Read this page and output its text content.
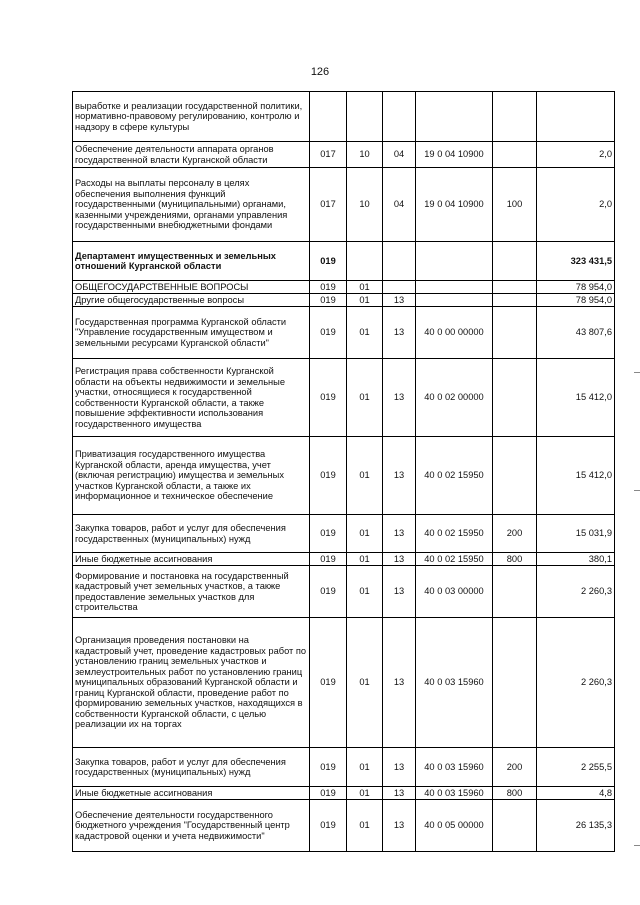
126
выработке и реализации государственной политики, нормативно-правовому регулированию, контролю и надзору в сфере культуры						
Обеспечение деятельности аппарата органов государственной власти Курганской области	017	10	04	19 0 04 10900		2,0
Расходы на выплаты персоналу в целях обеспечения выполнения функций государственными (муниципальными) органами, казенными учреждениями, органами управления государственными внебюджетными фондами	017	10	04	19 0 04 10900	100	2,0
Департамент имущественных и земельных отношений Курганской области	019					323 431,5
ОБЩЕГОСУДАРСТВЕННЫЕ ВОПРОСЫ	019	01				78 954,0
Другие общегосударственные вопросы	019	01	13			78 954,0
Государственная программа Курганской области "Управление государственным имуществом и земельными ресурсами Курганской области"	019	01	13	40 0 00 00000		43 807,6
Регистрация права собственности Курганской области на объекты недвижимости и земельные участки, относящиеся к государственной собственности Курганской области, а также повышение эффективности использования государственного имущества	019	01	13	40 0 02 00000		15 412,0
Приватизация государственного имущества Курганской области, аренда имущества, учет (включая регистрацию) имущества и земельных участков Курганской области, а также их информационное и техническое обеспечение	019	01	13	40 0 02 15950		15 412,0
Закупка товаров, работ и услуг для обеспечения государственных (муниципальных) нужд	019	01	13	40 0 02 15950	200	15 031,9
Иные бюджетные ассигнования	019	01	13	40 0 02 15950	800	380,1
Формирование и постановка на государственный кадастровый учет земельных участков, а также предоставление земельных участков для строительства	019	01	13	40 0 03 00000		2 260,3
Организация проведения постановки на кадастровый учет, проведение кадастровых работ по установлению границ земельных участков и землеустроительных работ по установлению границ муниципальных образований Курганской области и границ Курганской области, проведение работ по формированию земельных участков, находящихся в собственности Курганской области, с целью реализации их на торгах	019	01	13	40 0 03 15960		2 260,3
Закупка товаров, работ и услуг для обеспечения государственных (муниципальных) нужд	019	01	13	40 0 03 15960	200	2 255,5
Иные бюджетные ассигнования	019	01	13	40 0 03 15960	800	4,8
Обеспечение деятельности государственного бюджетного учреждения "Государственный центр кадастровой оценки и учета недвижимости"	019	01	13	40 0 05 00000		26 135,3
